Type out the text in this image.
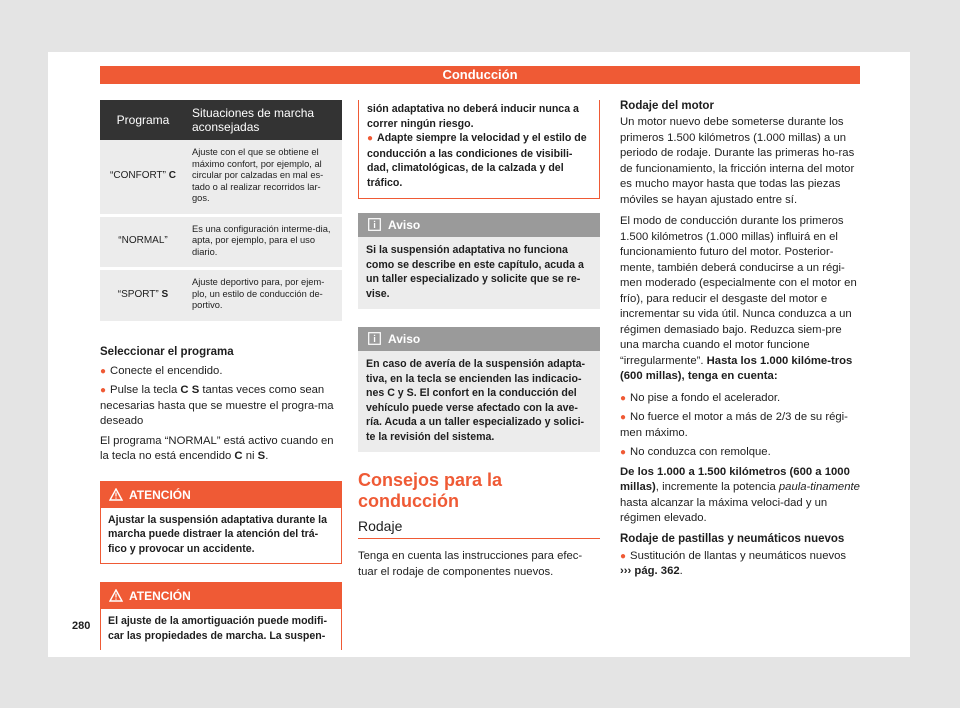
Conducción
Programa	Situaciones de marcha aconsejadas
“CONFORT” C	Ajuste con el que se obtiene el máximo confort, por ejemplo, al circular por calzadas en mal es-tado o al realizar recorridos lar-gos.
“NORMAL”	Es una configuración interme-dia, apta, por ejemplo, para el uso diario.
“SPORT” S	Ajuste deportivo para, por ejem-plo, un estilo de conducción de-portivo.
Seleccionar el programa
● Conecte el encendido.
● Pulse la tecla C S tantas veces como sean necesarias hasta que se muestre el progra-ma deseado

El programa “NORMAL” está activo cuando en la tecla no está encendido C ni S.

ATENCIÓN
Ajustar la suspensión adaptativa durante la marcha puede distraer la atención del trá-fico y provocar un accidente.
ATENCIÓN
El ajuste de la amortiguación puede modifi-car las propiedades de marcha. La suspen-
sión adaptativa no deberá inducir nunca a correr ningún riesgo.
● Adapte siempre la velocidad y el estilo de conducción a las condiciones de visibili-dad, climatológicas, de la calzada y del tráfico.
Aviso
Si la suspensión adaptativa no funciona como se describe en este capítulo, acuda a un taller especializado y solicite que se re-vise.
Aviso
En caso de avería de la suspensión adapta-tiva, en la tecla se encienden las indicacio-nes C y S. El confort en la conducción del vehículo puede verse afectado con la ave-ría. Acuda a un taller especializado y solici-te la revisión del sistema.
Consejos para la conducción
Rodaje

Tenga en cuenta las instrucciones para efec-tuar el rodaje de componentes nuevos.

Rodaje del motor

Un motor nuevo debe someterse durante los primeros 1.500 kilómetros (1.000 millas) a un periodo de rodaje. Durante las primeras ho-ras de funcionamiento, la fricción interna del motor es mucho mayor hasta que todas las piezas móviles se hayan ajustado entre sí.

El modo de conducción durante los primeros 1.500 kilómetros (1.000 millas) influirá en el funcionamiento futuro del motor. Posterior-mente, también deberá conducirse a un régi-men moderado (especialmente con el motor en frío), para reducir el desgaste del motor e incrementar su vida útil. Nunca conduzca a un régimen demasiado bajo. Reduzca siem-pre una marcha cuando el motor funcione “irregularmente”. Hasta los 1.000 kilóme-tros (600 millas), tenga en cuenta:

● No pise a fondo el acelerador.
● No fuerce el motor a más de 2/3 de su régi-men máximo.
● No conduzca con remolque.

De los 1.000 a 1.500 kilómetros (600 a 1000 millas), incremente la potencia paula-tinamente hasta alcanzar la máxima veloci-dad y un régimen elevado.

Rodaje de pastillas y neumáticos nuevos
● Sustitución de llantas y neumáticos nuevos
››› pág. 362.
280
